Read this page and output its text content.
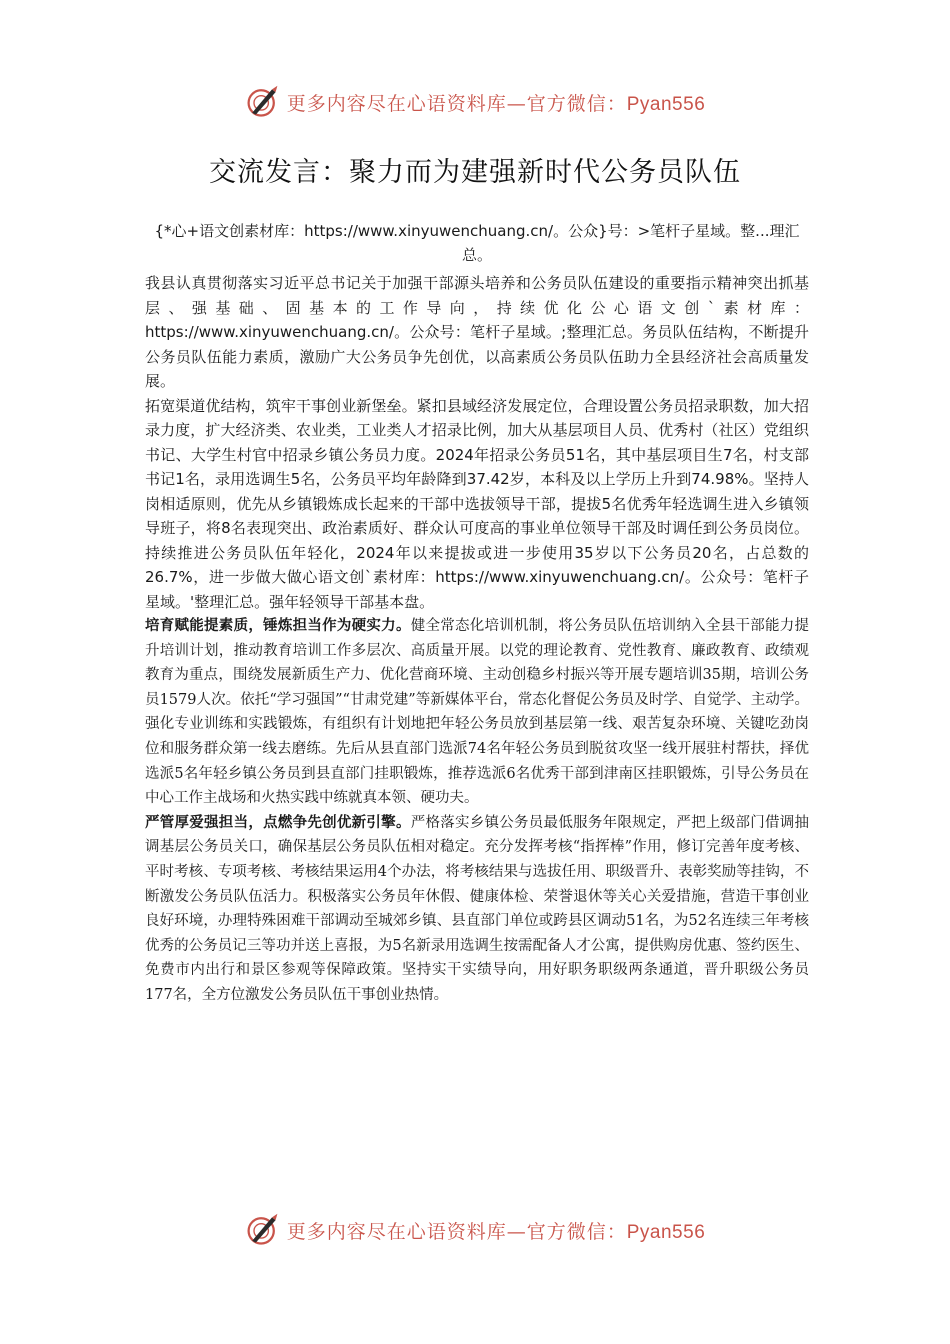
更多内容尽在心语资料库—官方微信：Pyan556
交流发言：聚力而为建强新时代公务员队伍

{*心+语文创素材库：https://www.xinyuwenchuang.cn/。公众}号：>笔杆子星域。整...理汇总。

我县认真贯彻落实习近平总书记关于加强干部源头培养和公务员队伍建设的重要指示精神突出抓基层、强基础、固基本的工作导向，持续优化公心语文创`素材库：https://www.xinyuwenchuang.cn/。公众号：笔杆子星域。;整理汇总。务员队伍结构，不断提升公务员队伍能力素质，激励广大公务员争先创优，以高素质公务员队伍助力全县经济社会高质量发展。

拓宽渠道优结构，筑牢干事创业新堡垒。紧扣县域经济发展定位，合理设置公务员招录职数，加大招录力度，扩大经济类、农业类，工业类人才招录比例，加大从基层项目人员、优秀村（社区）党组织书记、大学生村官中招录乡镇公务员力度。2024年招录公务员51名，其中基层项目生7名，村支部书记1名，录用选调生5名，公务员平均年龄降到37.42岁，本科及以上学历上升到74.98%。坚持人岗相适原则，优先从乡镇锻炼成长起来的干部中选拔领导干部，提拔5名优秀年轻选调生进入乡镇领导班子，将8名表现突出、政治素质好、群众认可度高的事业单位领导干部及时调任到公务员岗位。持续推进公务员队伍年轻化，2024年以来提拔或进一步使用35岁以下公务员20名，占总数的26.7%，进一步做大做心语文创`素材库：https://www.xinyuwenchuang.cn/。公众号：笔杆子星域。'整理汇总。强年轻领导干部基本盘。

培育赋能提素质，锤炼担当作为硬实力。健全常态化培训机制，将公务员队伍培训纳入全县干部能力提升培训计划，推动教育培训工作多层次、高质量开展。以党的理论教育、党性教育、廉政教育、政绩观教育为重点，围绕发展新质生产力、优化营商环境、主动创稳乡村振兴等开展专题培训35期，培训公务员1579人次。依托“学习强国”“甘肃党建”等新媒体平台，常态化督促公务员及时学、自觉学、主动学。强化专业训练和实践锻炼，有组织有计划地把年轻公务员放到基层第一线、艰苦复杂环境、关键吃劲岗位和服务群众第一线去磨练。先后从县直部门选派74名年轻公务员到脱贫攻坚一线开展驻村帮扶，择优选派5名年轻乡镇公务员到县直部门挂职锻炼，推荐选派6名优秀干部到津南区挂职锻炼，引导公务员在中心工作主战场和火热实践中练就真本领、硬功夫。

严管厚爱强担当，点燃争先创优新引擎。严格落实乡镇公务员最低服务年限规定，严把上级部门借调抽调基层公务员关口，确保基层公务员队伍相对稳定。充分发挥考核“指挥棒”作用，修订完善年度考核、平时考核、专项考核、考核结果运用4个办法，将考核结果与选拔任用、职级晋升、表彰奖励等挂钩，不断激发公务员队伍活力。积极落实公务员年休假、健康体检、荣誉退休等关心关爱措施，营造干事创业良好环境，办理特殊困难干部调动至城郊乡镇、县直部门单位或跨县区调动51名，为52名连续三年考核优秀的公务员记三等功并送上喜报，为5名新录用选调生按需配备人才公寓，提供购房优惠、签约医生、免费市内出行和景区参观等保障政策。坚持实干实绩导向，用好职务职级两条通道，晋升职级公务员177名，全方位激发公务员队伍干事创业热情。

更多内容尽在心语资料库—官方微信：Pyan556
